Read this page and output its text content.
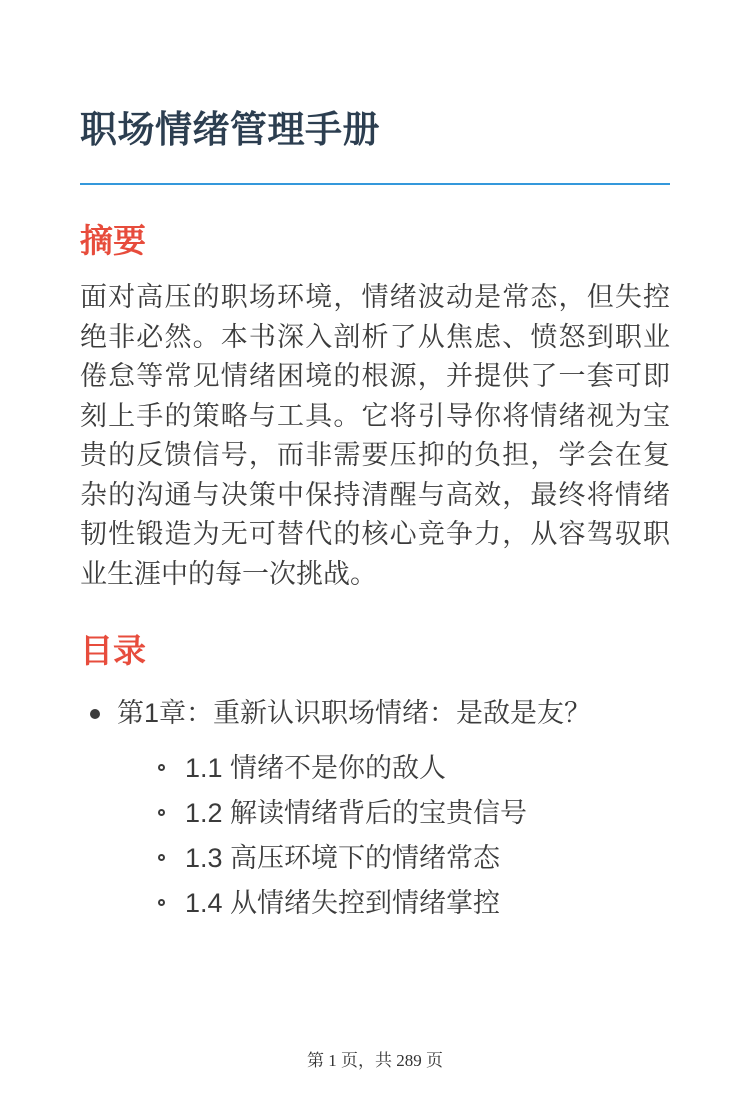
职场情绪管理手册
摘要

面对高压的职场环境，情绪波动是常态，但失控绝非必然。本书深入剖析了从焦虑、愤怒到职业倦怠等常见情绪困境的根源，并提供了一套可即刻上手的策略与工具。它将引导你将情绪视为宝贵的反馈信号，而非需要压抑的负担，学会在复杂的沟通与决策中保持清醒与高效，最终将情绪韧性锻造为无可替代的核心竞争力，从容驾驭职业生涯中的每一次挑战。

目录
第1章：重新认识职场情绪：是敌是友？
1.1 情绪不是你的敌人
1.2 解读情绪背后的宝贵信号
1.3 高压环境下的情绪常态
1.4 从情绪失控到情绪掌控
第 1 页，共 289 页
